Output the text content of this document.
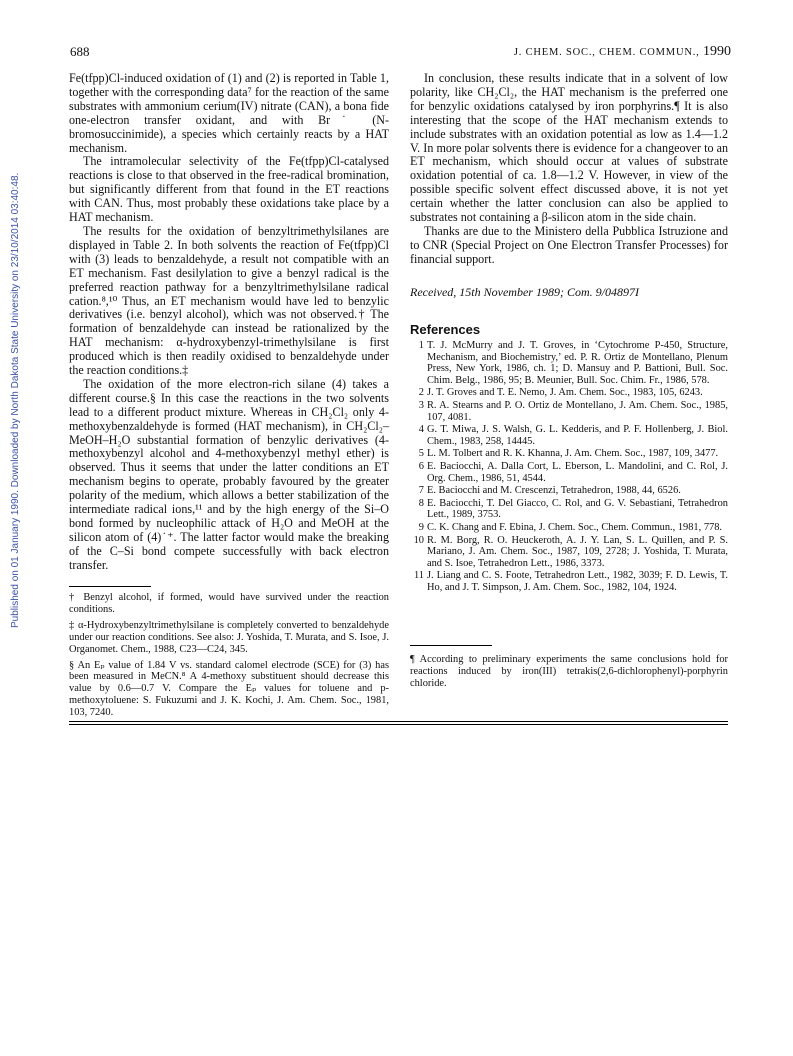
688	J. CHEM. SOC., CHEM. COMMUN., 1990
Published on 01 January 1990. Downloaded by North Dakota State University on 23/10/2014 03:40:48.

Fe(tfpp)Cl-induced oxidation of (1) and (2) is reported in Table 1, together with the corresponding data⁷ for the reaction of the same substrates with ammonium cerium(IV) nitrate (CAN), a bona fide one-electron transfer oxidant, and with Br˙ (N-bromosuccinimide), a species which certainly reacts by a HAT mechanism.

The intramolecular selectivity of the Fe(tfpp)Cl-catalysed reactions is close to that observed in the free-radical bromination, but significantly different from that found in the ET reactions with CAN. Thus, most probably these oxidations take place by a HAT mechanism.

The results for the oxidation of benzyltrimethylsilanes are displayed in Table 2. In both solvents the reaction of Fe(tfpp)Cl with (3) leads to benzaldehyde, a result not compatible with an ET mechanism. Fast desilylation to give a benzyl radical is the preferred reaction pathway for a benzyltrimethylsilane radical cation.⁸,¹⁰ Thus, an ET mechanism would have led to benzylic derivatives (i.e. benzyl alcohol), which was not observed.† The formation of benzaldehyde can instead be rationalized by the HAT mechanism: α-hydroxybenzyl-trimethylsilane is first produced which is then readily oxidised to benzaldehyde under the reaction conditions.‡

The oxidation of the more electron-rich silane (4) takes a different course.§ In this case the reactions in the two solvents lead to a different product mixture. Whereas in CH₂Cl₂ only 4-methoxybenzaldehyde is formed (HAT mechanism), in CH₂Cl₂–MeOH–H₂O substantial formation of benzylic derivatives (4-methoxybenzyl alcohol and 4-methoxybenzyl methyl ether) is observed. Thus it seems that under the latter conditions an ET mechanism begins to operate, probably favoured by the greater polarity of the medium, which allows a better stabilization of the intermediate radical ions,¹¹ and by the high energy of the Si–O bond formed by nucleophilic attack of H₂O and MeOH at the silicon atom of (4)˙⁺. The latter factor would make the breaking of the C–Si bond compete successfully with back electron transfer.

† Benzyl alcohol, if formed, would have survived under the reaction conditions.

‡ α-Hydroxybenzyltrimethylsilane is completely converted to benzaldehyde under our reaction conditions. See also: J. Yoshida, T. Murata, and S. Isoe, J. Organomet. Chem., 1988, C23—C24, 345.

§ An Eₚ value of 1.84 V vs. standard calomel electrode (SCE) for (3) has been measured in MeCN.⁸ A 4-methoxy substituent should decrease this value by 0.6—0.7 V. Compare the Eₚ values for toluene and p-methoxytoluene: S. Fukuzumi and J. K. Kochi, J. Am. Chem. Soc., 1981, 103, 7240.

In conclusion, these results indicate that in a solvent of low polarity, like CH₂Cl₂, the HAT mechanism is the preferred one for benzylic oxidations catalysed by iron porphyrins.¶ It is also interesting that the scope of the HAT mechanism extends to include substrates with an oxidation potential as low as 1.4—1.2 V. In more polar solvents there is evidence for a changeover to an ET mechanism, which should occur at values of substrate oxidation potential of ca. 1.8—1.2 V. However, in view of the possible specific solvent effect discussed above, it is not yet certain whether the latter conclusion can also be applied to substrates not containing a β-silicon atom in the side chain.

Thanks are due to the Ministero della Pubblica Istruzione and to CNR (Special Project on One Electron Transfer Processes) for financial support.

Received, 15th November 1989; Com. 9/04897I
References
1 T. J. McMurry and J. T. Groves, in ‘Cytochrome P-450, Structure, Mechanism, and Biochemistry,’ ed. P. R. Ortiz de Montellano, Plenum Press, New York, 1986, ch. 1; D. Mansuy and P. Battioni, Bull. Soc. Chim. Belg., 1986, 95; B. Meunier, Bull. Soc. Chim. Fr., 1986, 578.
2 J. T. Groves and T. E. Nemo, J. Am. Chem. Soc., 1983, 105, 6243.
3 R. A. Stearns and P. O. Ortiz de Montellano, J. Am. Chem. Soc., 1985, 107, 4081.
4 G. T. Miwa, J. S. Walsh, G. L. Kedderis, and P. F. Hollenberg, J. Biol. Chem., 1983, 258, 14445.
5 L. M. Tolbert and R. K. Khanna, J. Am. Chem. Soc., 1987, 109, 3477.
6 E. Baciocchi, A. Dalla Cort, L. Eberson, L. Mandolini, and C. Rol, J. Org. Chem., 1986, 51, 4544.
7 E. Baciocchi and M. Crescenzi, Tetrahedron, 1988, 44, 6526.
8 E. Baciocchi, T. Del Giacco, C. Rol, and G. V. Sebastiani, Tetrahedron Lett., 1989, 3753.
9 C. K. Chang and F. Ebina, J. Chem. Soc., Chem. Commun., 1981, 778.
10 R. M. Borg, R. O. Heuckeroth, A. J. Y. Lan, S. L. Quillen, and P. S. Mariano, J. Am. Chem. Soc., 1987, 109, 2728; J. Yoshida, T. Murata, and S. Isoe, Tetrahedron Lett., 1986, 3373.
11 J. Liang and C. S. Foote, Tetrahedron Lett., 1982, 3039; F. D. Lewis, T. Ho, and J. T. Simpson, J. Am. Chem. Soc., 1982, 104, 1924.
¶ According to preliminary experiments the same conclusions hold for reactions induced by iron(III) tetrakis(2,6-dichlorophenyl)-porphyrin chloride.
